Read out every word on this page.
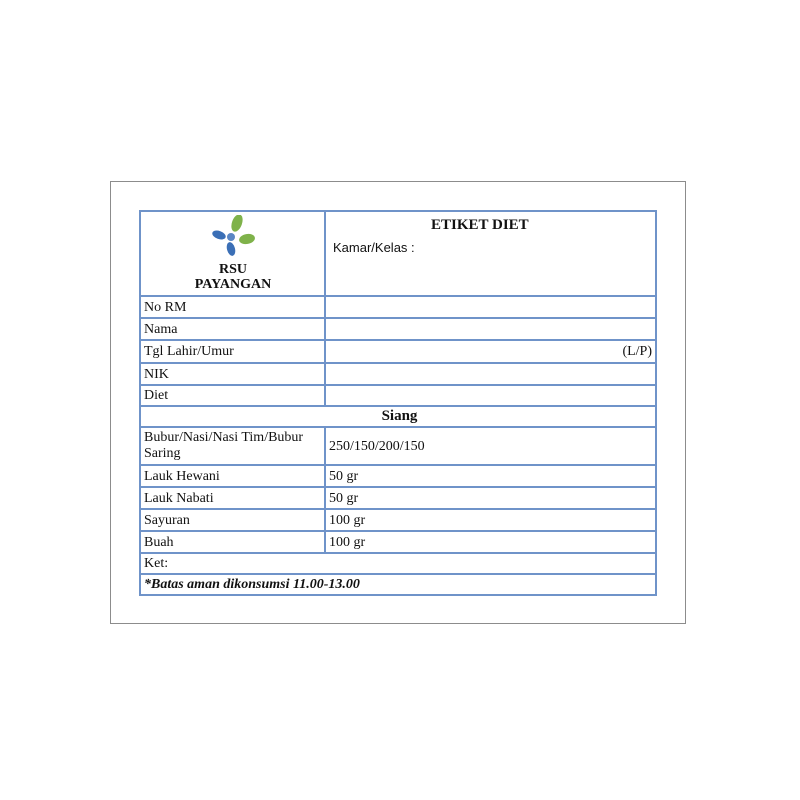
RSU
PAYANGAN
ETIKET DIET
Kamar/Kelas :
No RM
Nama
Tgl Lahir/Umur	(L/P)
NIK
Diet
Siang
Bubur/Nasi/Nasi Tim/Bubur Saring	250/150/200/150
Lauk Hewani	50 gr
Lauk Nabati	50 gr
Sayuran	100 gr
Buah	100 gr
Ket:
*Batas aman dikonsumsi 11.00-13.00
